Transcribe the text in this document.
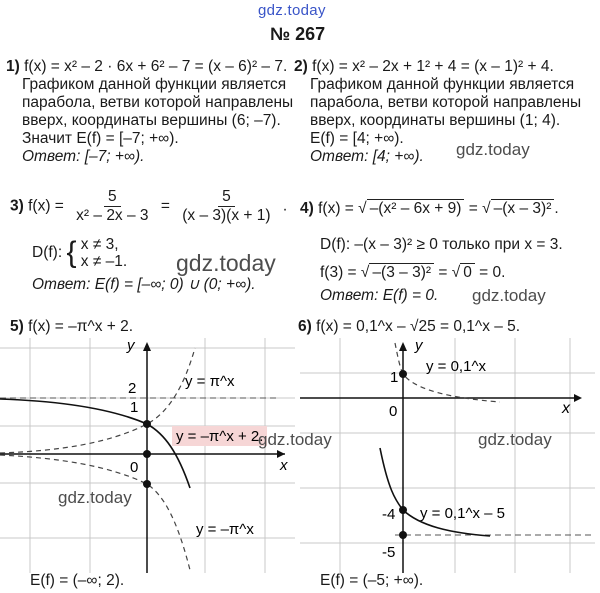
gdz.today
№ 267
1) f(x) = x² – 2 · 6x + 6² – 7 = (x – 6)² – 7.
Графиком данной функции является
парабола, ветви которой направлены
вверх, координаты вершины (6; –7).
Значит E(f) = [–7; +∞).
Ответ: [–7; +∞).
2) f(x) = x² – 2x + 1² + 4 = (x – 1)² + 4.
Графиком данной функции является
парабола, ветви которой направлены
вверх, координаты вершины (1; 4).
E(f) = [4; +∞).
Ответ: [4; +∞).
3) $f(x) = \frac{5}{\text{x² – 2x – 3}} = \frac{5}{(x - 3)(x + 1)}$ .
D(f): { x ≠ 3,
x ≠ –1.
Ответ: E(f) = [–∞; 0) ∪ (0; +∞).
4) f(x) = √ –(x² – 6x + 9) = √ –(x – 3)² .
D(f): –(x – 3)² ≥ 0 только при x = 3.
f(3) = √ –(3 – 3)² = √ 0 = 0.
Ответ: E(f) = 0.
5) f(x) = –π^x + 2.
y
x
2
1
0
y = π^x
y = –π^x + 2.
y = –π^x
E(f) = (–∞; 2).
6) f(x) = 0,1^x – √25 = 0,1^x – 5.
y
x
1
0
-4
-5
y = 0,1^x
y = 0,1^x – 5
E(f) = (–5; +∞).
gdz.today
gdz.today
gdz.today
gdz.today	gdz.today
gdz.today
